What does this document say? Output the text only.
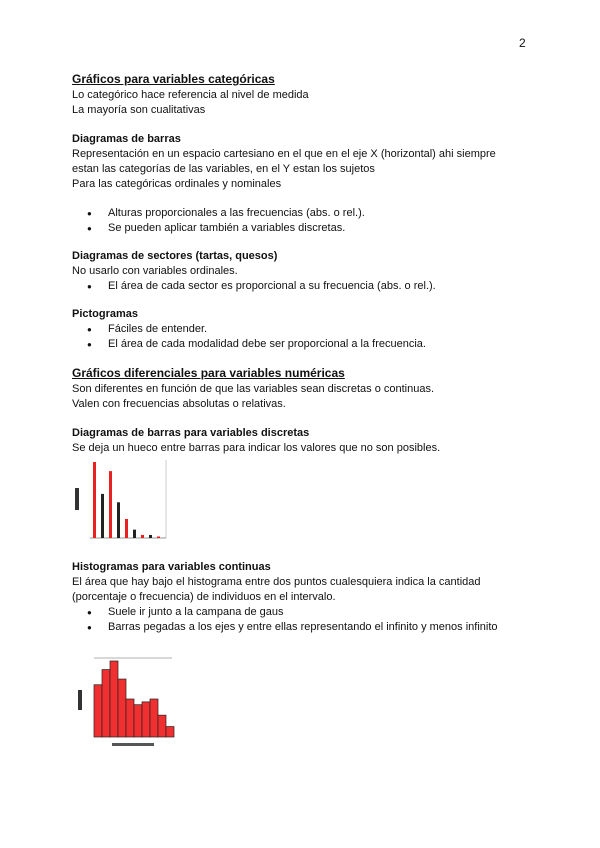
2
Gráficos para variables categóricas
Lo categórico hace referencia al nivel de medida
La mayoría son cualitativas
Diagramas de barras
Representación en un espacio cartesiano en el que en el eje X (horizontal) ahi siempre
estan las categorías de las variables, en el Y estan los sujetos
Para las categóricas ordinales y nominales
● Alturas proporcionales a las frecuencias (abs. o rel.).
● Se pueden aplicar también a variables discretas.
Diagramas de sectores (tartas, quesos)
No usarlo con variables ordinales.
● El área de cada sector es proporcional a su frecuencia (abs. o rel.).
Pictogramas
● Fáciles de entender.
● El área de cada modalidad debe ser proporcional a la frecuencia.
Gráficos diferenciales para variables numéricas
Son diferentes en función de que las variables sean discretas o continuas.
Valen con frecuencias absolutas o relativas.
Diagramas de barras para variables discretas
Se deja un hueco entre barras para indicar los valores que no son posibles.
Histogramas para variables continuas
El área que hay bajo el histograma entre dos puntos cualesquiera indica la cantidad
(porcentaje o frecuencia) de individuos en el intervalo.
● Suele ir junto a la campana de gaus
● Barras pegadas a los ejes y entre ellas representando el infinito y menos infinito
